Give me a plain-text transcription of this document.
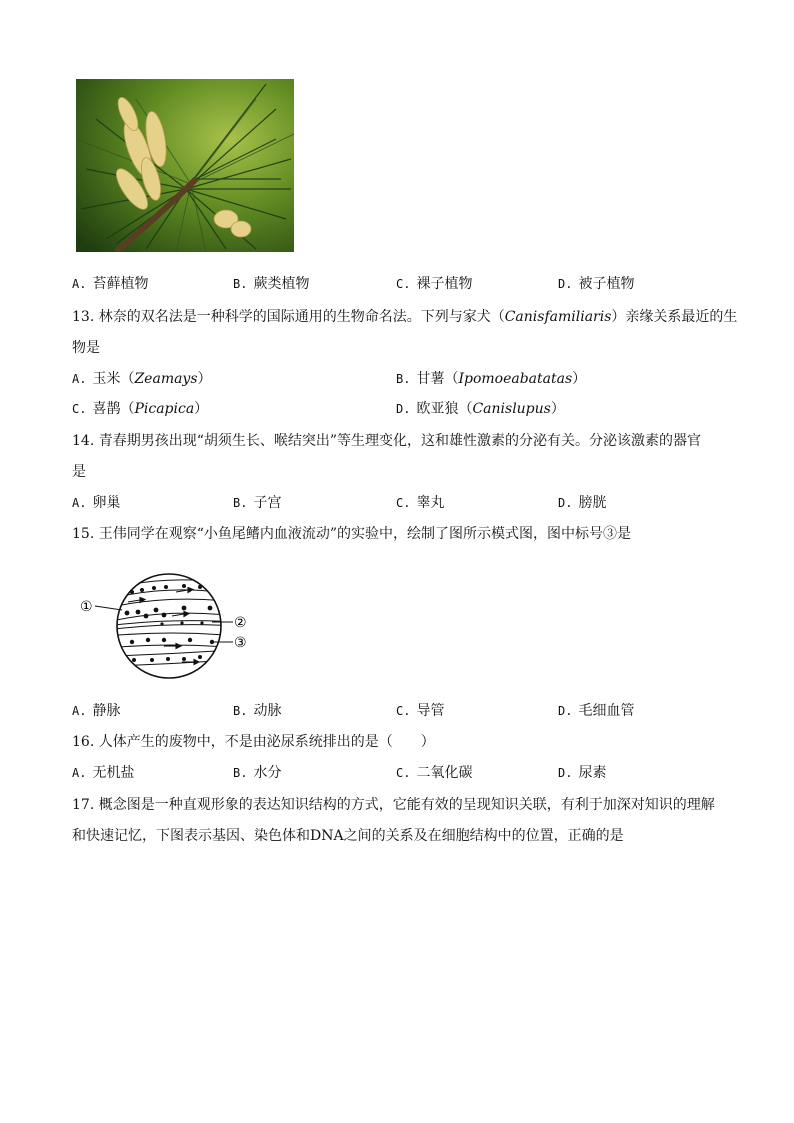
A. 苔藓植物	B. 蕨类植物	C. 裸子植物	D. 被子植物
13. 林奈的双名法是一种科学的国际通用的生物命名法。下列与家犬（Canisfamiliaris）亲缘关系最近的生
物是
A. 玉米（Zeamays）	B. 甘薯（Ipomoeabatatas）
C. 喜鹊（Picapica）	D. 欧亚狼（Canislupus）
14. 青春期男孩出现“胡须生长、喉结突出”等生理变化，这和雄性激素的分泌有关。分泌该激素的器官
是
A. 卵巢	B. 子宫	C. 睾丸	D. 膀胱
15. 王伟同学在观察“小鱼尾鳍内血液流动”的实验中，绘制了图所示模式图，图中标号③是
①
②
③
A. 静脉	B. 动脉	C. 导管	D. 毛细血管
16. 人体产生的废物中，不是由泌尿系统排出的是（　　）
A. 无机盐	B. 水分	C. 二氧化碳	D. 尿素
17. 概念图是一种直观形象的表达知识结构的方式，它能有效的呈现知识关联，有利于加深对知识的理解
和快速记忆，下图表示基因、染色体和DNA之间的关系及在细胞结构中的位置，正确的是
